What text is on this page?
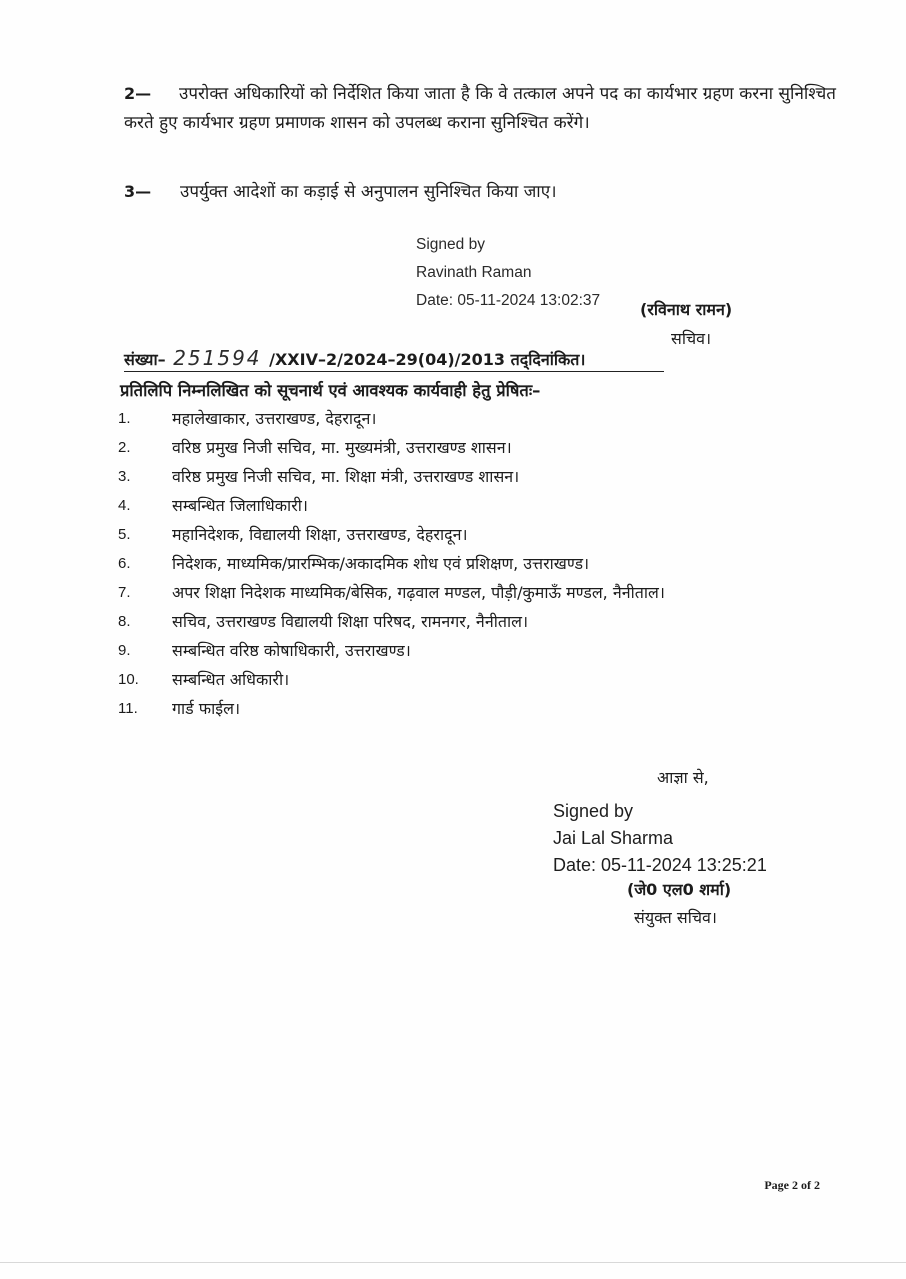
2—	उपरोक्त अधिकारियों को निर्देशित किया जाता है कि वे तत्काल अपने पद का कार्यभार ग्रहण करना सुनिश्चित करते हुए कार्यभार ग्रहण प्रमाणक शासन को उपलब्ध कराना सुनिश्चित करेंगे।
3— उपर्युक्त आदेशों का कड़ाई से अनुपालन सुनिश्चित किया जाए।
Signed by
Ravinath Raman
Date: 05-11-2024 13:02:37 (रविनाथ रामन)
सचिव।
संख्या– 251594 /XXIV–2/2024–29(04)/2013 तद्‌दिनांकित।
प्रतिलिपि निम्नलिखित को सूचनार्थ एवं आवश्यक कार्यवाही हेतु प्रेषितः–
1.	महालेखाकार, उत्तराखण्ड, देहरादून।
2.	वरिष्ठ प्रमुख निजी सचिव, मा. मुख्यमंत्री, उत्तराखण्ड शासन।
3.	वरिष्ठ प्रमुख निजी सचिव, मा. शिक्षा मंत्री, उत्तराखण्ड शासन।
4.	सम्बन्धित जिलाधिकारी।
5.	महानिदेशक, विद्यालयी शिक्षा, उत्तराखण्ड, देहरादून।
6.	निदेशक, माध्यमिक/प्रारम्भिक/अकादमिक शोध एवं प्रशिक्षण, उत्तराखण्ड।
7.	अपर शिक्षा निदेशक माध्यमिक/बेसिक, गढ़वाल मण्डल, पौड़ी/कुमाऊँ मण्डल, नैनीताल।
8.	सचिव, उत्तराखण्ड विद्यालयी शिक्षा परिषद, रामनगर, नैनीताल।
9.	सम्बन्धित वरिष्ठ कोषाधिकारी, उत्तराखण्ड।
10. सम्बन्धित अधिकारी।
11. गार्ड फाईल।
आज्ञा से,
Signed by
Jai Lal Sharma
Date: 05-11-2024 13:25:21
(जे0 एल0 शर्मा)
संयुक्त सचिव।
Page 2 of 2
